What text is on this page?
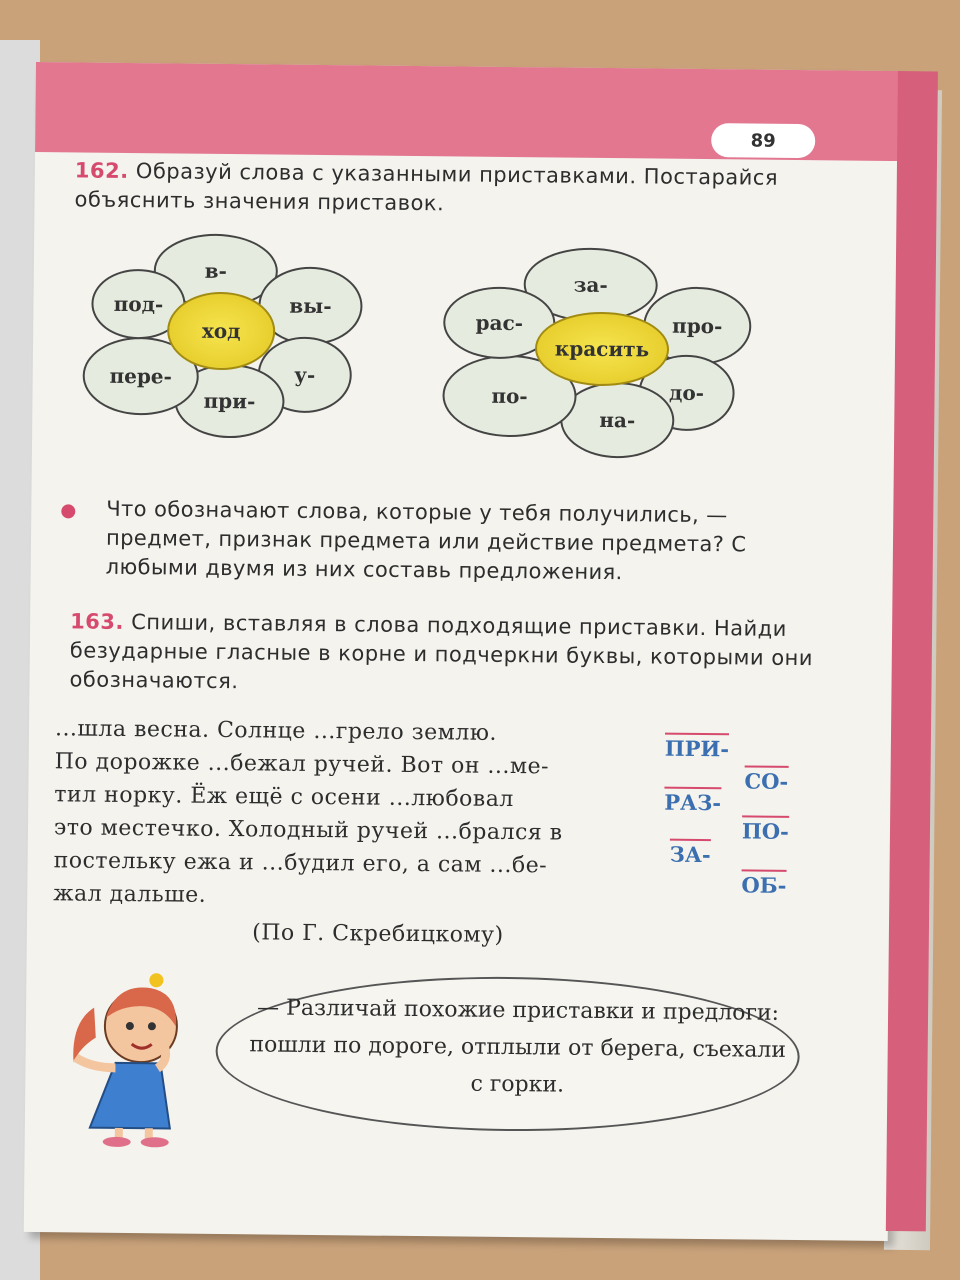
89
162. Образуй слова с указанными приставками. Постарайся объяснить значения приставок.
в-
вы-
у-
при-
пере-
под-
ход
за-
про-
до-
на-
по-
рас-
красить
Что обозначают слова, которые у тебя получились, — предмет, признак предмета или действие предмета? С любыми двумя из них составь предложения.
163. Спиши, вставляя в слова подходящие приставки. Найди безударные гласные в корне и подчеркни буквы, которыми они обозначаются.
...шла весна. Солнце ...грело землю.
По дорожке ...бежал ручей. Вот он ...ме-
тил норку. Ёж ещё с осени ...любовал
это местечко. Холодный ручей ...брался в
постельку ежа и ...будил его, а сам ...бе-
жал дальше.
(По Г. Скребицкому)
ПРИ-
СО-
РАЗ-
ПО-
ЗА-
ОБ-
— Различай похожие приставки и предлоги: пошли по дороге, отплыли от берега, съехали с горки.
